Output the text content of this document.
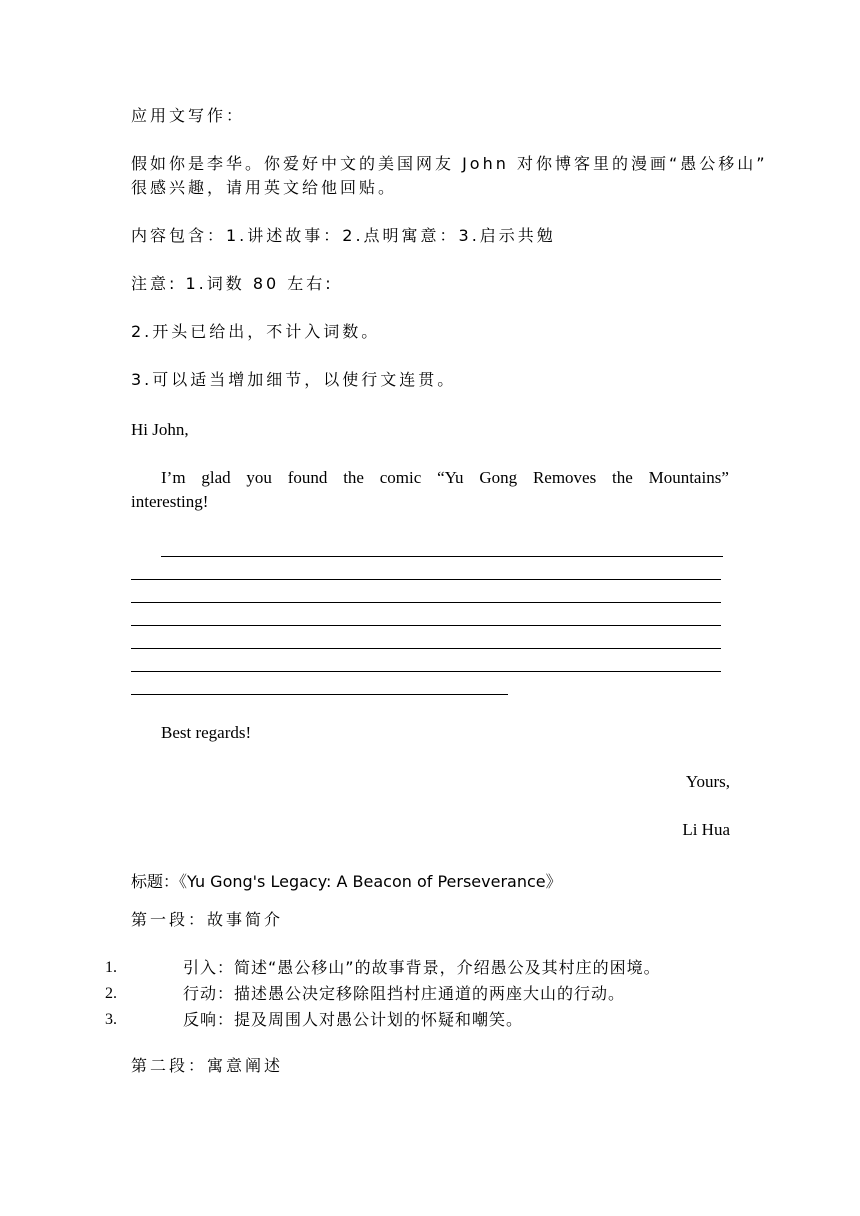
应用文写作：
假如你是李华。你爱好中文的美国网友 John 对你博客里的漫画“愚公移山”
很感兴趣，请用英文给他回贴。
内容包含：1.讲述故事：2.点明寓意：3.启示共勉
注意: 1.词数 80 左右:
2.开头已给出，不计入词数。
3.可以适当增加细节，以使行文连贯。
Hi John,
I’m glad you found the comic “Yu Gong Removes the Mountains”
interesting!
Best regards!
Yours,
Li Hua
标题：《Yu Gong's Legacy: A Beacon of Perseverance》
第一段：故事简介
1.	引入：简述“愚公移山”的故事背景，介绍愚公及其村庄的困境。
2.	行动：描述愚公决定移除阻挡村庄通道的两座大山的行动。
3.	反响：提及周围人对愚公计划的怀疑和嘲笑。
第二段：寓意阐述
